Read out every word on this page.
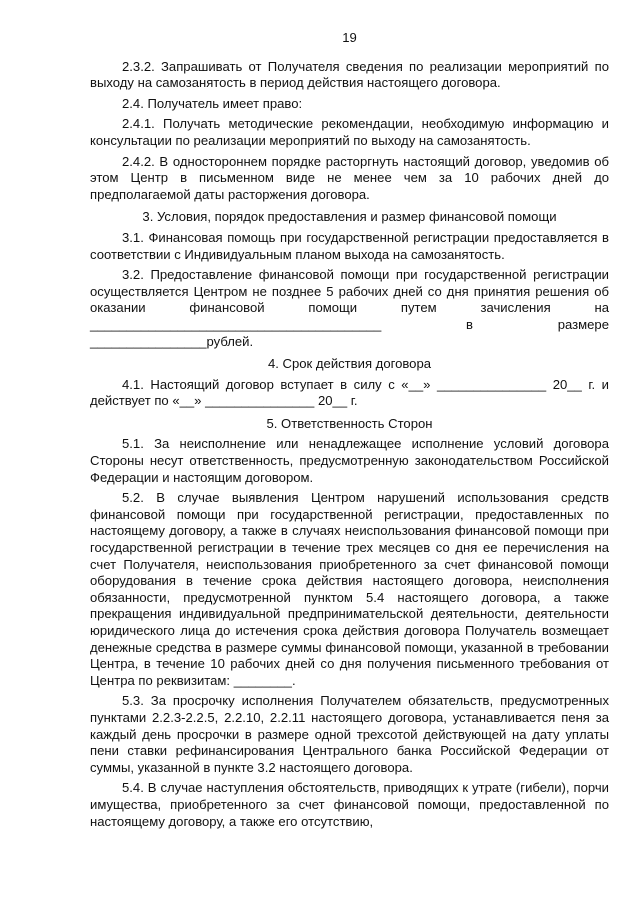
19

2.3.2. Запрашивать от Получателя сведения по реализации мероприятий по выходу на самозанятость в период действия настоящего договора.

2.4. Получатель имеет право:

2.4.1. Получать методические рекомендации, необходимую информацию и консультации по реализации мероприятий по выходу на самозанятость.

2.4.2. В одностороннем порядке расторгнуть настоящий договор, уведомив об этом Центр в письменном виде не менее чем за 10 рабочих дней до предполагаемой даты расторжения договора.

3. Условия, порядок предоставления и размер финансовой помощи

3.1. Финансовая помощь при государственной регистрации предоставляется в соответствии с Индивидуальным планом выхода на самозанятость.

3.2. Предоставление финансовой помощи при государственной регистрации осуществляется Центром не позднее 5 рабочих дней со дня принятия решения об оказании финансовой помощи путем зачисления на ________________________________________ в размере ________________рублей.

4. Срок действия договора

4.1. Настоящий договор вступает в силу с «__» _______________ 20__ г. и действует по «__» _______________ 20__ г.

5. Ответственность Сторон

5.1. За неисполнение или ненадлежащее исполнение условий договора Стороны несут ответственность, предусмотренную законодательством Российской Федерации и настоящим договором.

5.2. В случае выявления Центром нарушений использования средств финансовой помощи при государственной регистрации, предоставленных по настоящему договору, а также в случаях неиспользования финансовой помощи при государственной регистрации в течение трех месяцев со дня ее перечисления на счет Получателя, неиспользования приобретенного за счет финансовой помощи оборудования в течение срока действия настоящего договора, неисполнения обязанности, предусмотренной пунктом 5.4 настоящего договора, а также прекращения индивидуальной предпринимательской деятельности, деятельности юридического лица до истечения срока действия договора Получатель возмещает денежные средства в размере суммы финансовой помощи, указанной в требовании Центра, в течение 10 рабочих дней со дня получения письменного требования от Центра по реквизитам: ________.

5.3. За просрочку исполнения Получателем обязательств, предусмотренных пунктами 2.2.3-2.2.5, 2.2.10, 2.2.11 настоящего договора, устанавливается пеня за каждый день просрочки в размере одной трехсотой действующей на дату уплаты пени ставки рефинансирования Центрального банка Российской Федерации от суммы, указанной в пункте 3.2 настоящего договора.

5.4. В случае наступления обстоятельств, приводящих к утрате (гибели), порчи имущества, приобретенного за счет финансовой помощи, предоставленной по настоящему договору, а также его отсутствию,
